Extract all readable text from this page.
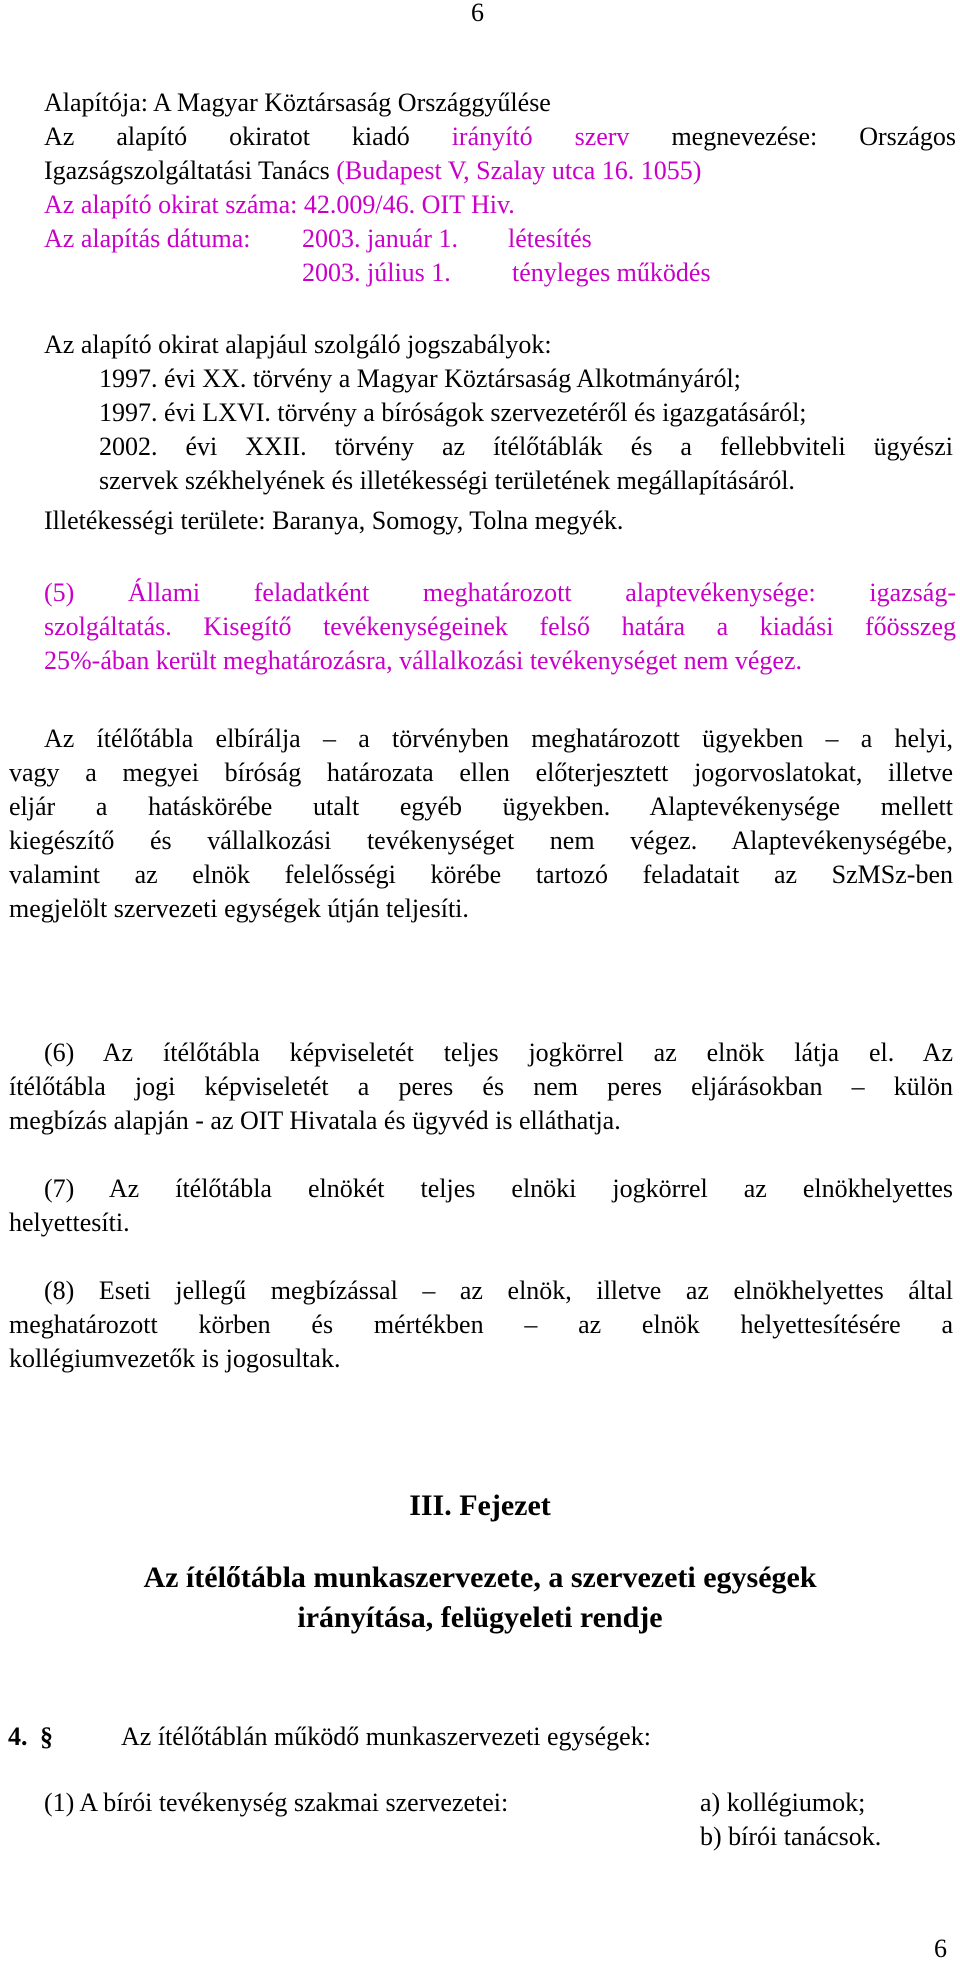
6
Alapítója: A Magyar Köztársaság Országgyűlése
Az alapító okiratot kiadó irányító szerv megnevezése: Országos
Igazságszolgáltatási Tanács (Budapest V, Szalay utca 16. 1055)
Az alapító okirat száma: 42.009/46. OIT Hiv.
Az alapítás dátuma: 2003. január 1. létesítés
2003. július 1. tényleges működés
Az alapító okirat alapjául szolgáló jogszabályok:
1997. évi XX. törvény a Magyar Köztársaság Alkotmányáról;
1997. évi LXVI. törvény a bíróságok szervezetéről és igazgatásáról;
2002. évi XXII. törvény az ítélőtáblák és a fellebbviteli ügyészi
szervek székhelyének és illetékességi területének megállapításáról.
Illetékességi területe: Baranya, Somogy, Tolna megyék.
(5) Állami feladatként meghatározott alaptevékenysége: igazság-
szolgáltatás. Kisegítő tevékenységeinek felső határa a kiadási főösszeg
25%-ában került meghatározásra, vállalkozási tevékenységet nem végez.
Az ítélőtábla elbírálja – a törvényben meghatározott ügyekben – a helyi,
vagy a megyei bíróság határozata ellen előterjesztett jogorvoslatokat, illetve
eljár a hatáskörébe utalt egyéb ügyekben. Alaptevékenysége mellett
kiegészítő és vállalkozási tevékenységet nem végez. Alaptevékenységébe,
valamint az elnök felelősségi körébe tartozó feladatait az SzMSz-ben
megjelölt szervezeti egységek útján teljesíti.
(6) Az ítélőtábla képviseletét teljes jogkörrel az elnök látja el. Az
ítélőtábla jogi képviseletét a peres és nem peres eljárásokban – külön
megbízás alapján - az OIT Hivatala és ügyvéd is elláthatja.
(7) Az ítélőtábla elnökét teljes elnöki jogkörrel az elnökhelyettes
helyettesíti.
(8) Eseti jellegű megbízással – az elnök, illetve az elnökhelyettes által
meghatározott körben és mértékben – az elnök helyettesítésére a
kollégiumvezetők is jogosultak.
III. Fejezet
Az ítélőtábla munkaszervezete, a szervezeti egységek
irányítása, felügyeleti rendje
4. §	Az ítélőtáblán működő munkaszervezeti egységek:
(1) A bírói tevékenység szakmai szervezetei:	a) kollégiumok;
b) bírói tanácsok.
6
